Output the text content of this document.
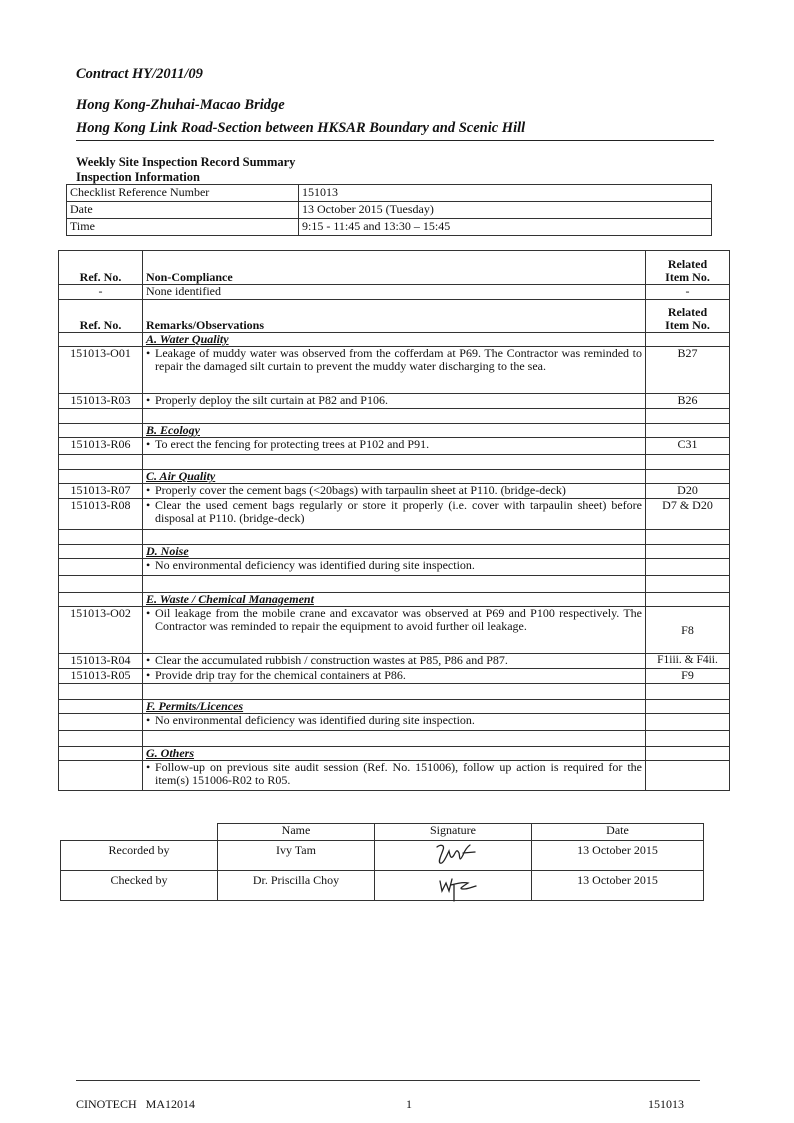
Contract HY/2011/09
Hong Kong-Zhuhai-Macao Bridge
Hong Kong Link Road-Section between HKSAR Boundary and Scenic Hill
Weekly Site Inspection Record Summary
Inspection Information
Checklist Reference Number	151013
Date	13 October 2015 (Tuesday)
Time	9:15 - 11:45 and 13:30 – 15:45
Ref. No.	Non-Compliance	Related
Item No.

-	None identified	-
Ref. No.	Remarks/Observations	Related
Item No.

	A. Water Quality	
151013-O01	• Leakage of muddy water was observed from the cofferdam at P69. The Contractor was reminded to repair the damaged silt curtain to prevent the muddy water discharging to the sea.	B27
151013-R03	• Properly deploy the silt curtain at P82 and P106.	B26

	B. Ecology	
151013-R06	• To erect the fencing for protecting trees at P102 and P91.	C31

	C. Air Quality	
151013-R07	• Properly cover the cement bags (<20bags) with tarpaulin sheet at P110. (bridge-deck)	D20
151013-R08	• Clear the used cement bags regularly or store it properly (i.e. cover with tarpaulin sheet) before disposal at P110. (bridge-deck)	D7 & D20

	D. Noise	
	• No environmental deficiency was identified during site inspection.	

	E. Waste / Chemical Management	
151013-O02	• Oil leakage from the mobile crane and excavator was observed at P69 and P100 respectively. The Contractor was reminded to repair the equipment to avoid further oil leakage.	F8
151013-R04	• Clear the accumulated rubbish / construction wastes at P85, P86 and P87.	F1iii. & F4ii.
151013-R05	• Provide drip tray for the chemical containers at P86.	F9

	F. Permits/Licences	
	• No environmental deficiency was identified during site inspection.	

	G. Others	
	• Follow-up on previous site audit session (Ref. No. 151006), follow up action is required for the item(s) 151006-R02 to R05.	
	Name	Signature	Date
Recorded by	Ivy Tam		13 October 2015
Checked by	Dr. Priscilla Choy		13 October 2015
CINOTECH   MA12014	1	151013
